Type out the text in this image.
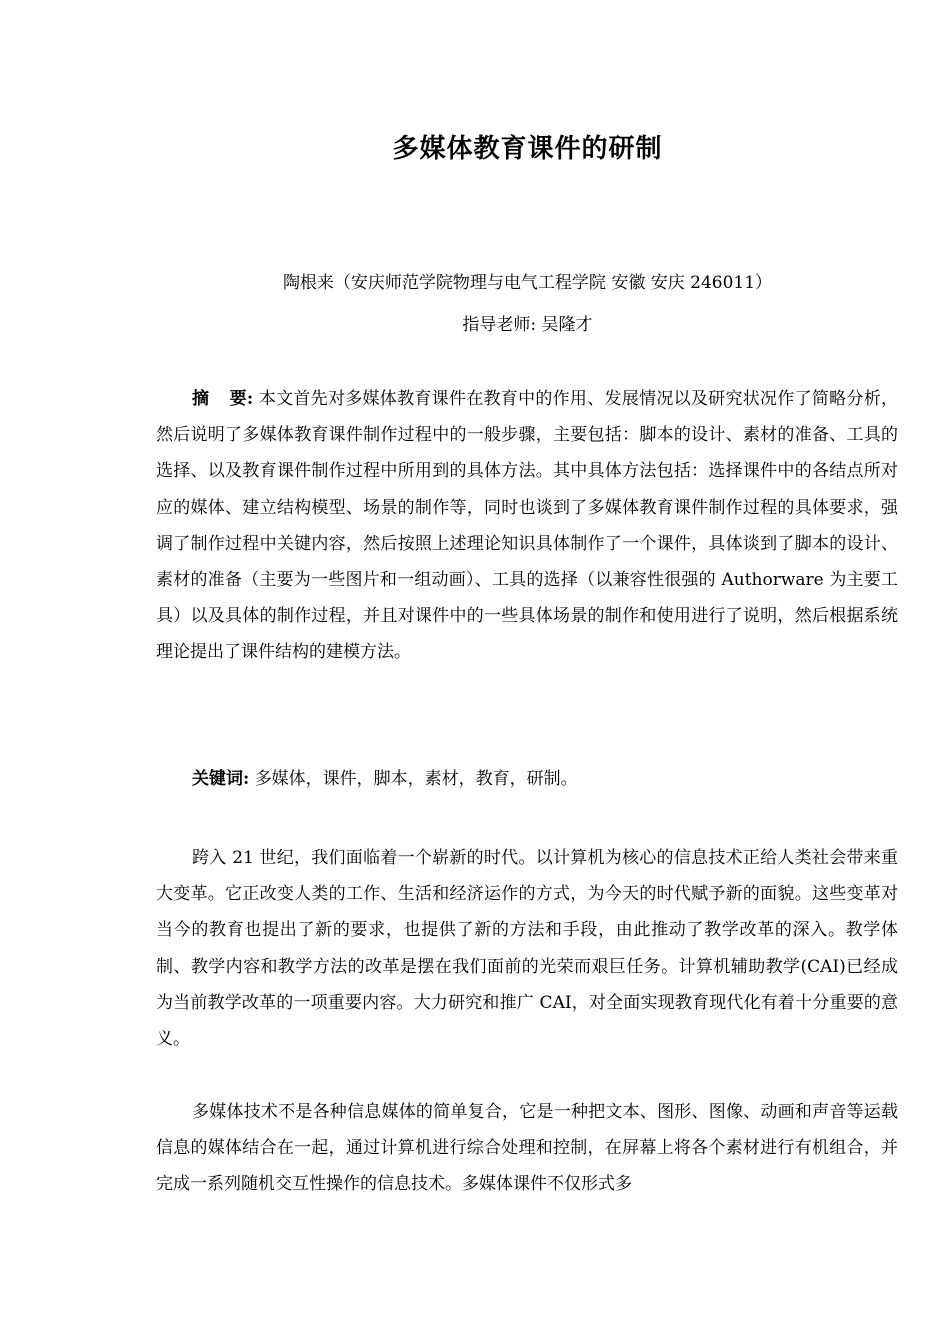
多媒体教育课件的研制
陶根来（安庆师范学院物理与电气工程学院 安徽 安庆 246011）
指导老师: 吴隆才

摘 要: 本文首先对多媒体教育课件在教育中的作用、发展情况以及研究状况作了简略分析，然后说明了多媒体教育课件制作过程中的一般步骤，主要包括：脚本的设计、素材的准备、工具的选择、以及教育课件制作过程中所用到的具体方法。其中具体方法包括：选择课件中的各结点所对应的媒体、建立结构模型、场景的制作等，同时也谈到了多媒体教育课件制作过程的具体要求，强调了制作过程中关键内容，然后按照上述理论知识具体制作了一个课件，具体谈到了脚本的设计、素材的准备（主要为一些图片和一组动画）、工具的选择（以兼容性很强的 Authorware 为主要工具）以及具体的制作过程，并且对课件中的一些具体场景的制作和使用进行了说明，然后根据系统理论提出了课件结构的建模方法。

关键词: 多媒体，课件，脚本，素材，教育，研制。

跨入 21 世纪，我们面临着一个崭新的时代。以计算机为核心的信息技术正给人类社会带来重大变革。它正改变人类的工作、生活和经济运作的方式，为今天的时代赋予新的面貌。这些变革对当今的教育也提出了新的要求，也提供了新的方法和手段，由此推动了教学改革的深入。教学体制、教学内容和教学方法的改革是摆在我们面前的光荣而艰巨任务。计算机辅助教学(CAI)已经成为当前教学改革的一项重要内容。大力研究和推广 CAI，对全面实现教育现代化有着十分重要的意义。

多媒体技术不是各种信息媒体的简单复合，它是一种把文本、图形、图像、动画和声音等运载信息的媒体结合在一起，通过计算机进行综合处理和控制，在屏幕上将各个素材进行有机组合，并完成一系列随机交互性操作的信息技术。多媒体课件不仅形式多
